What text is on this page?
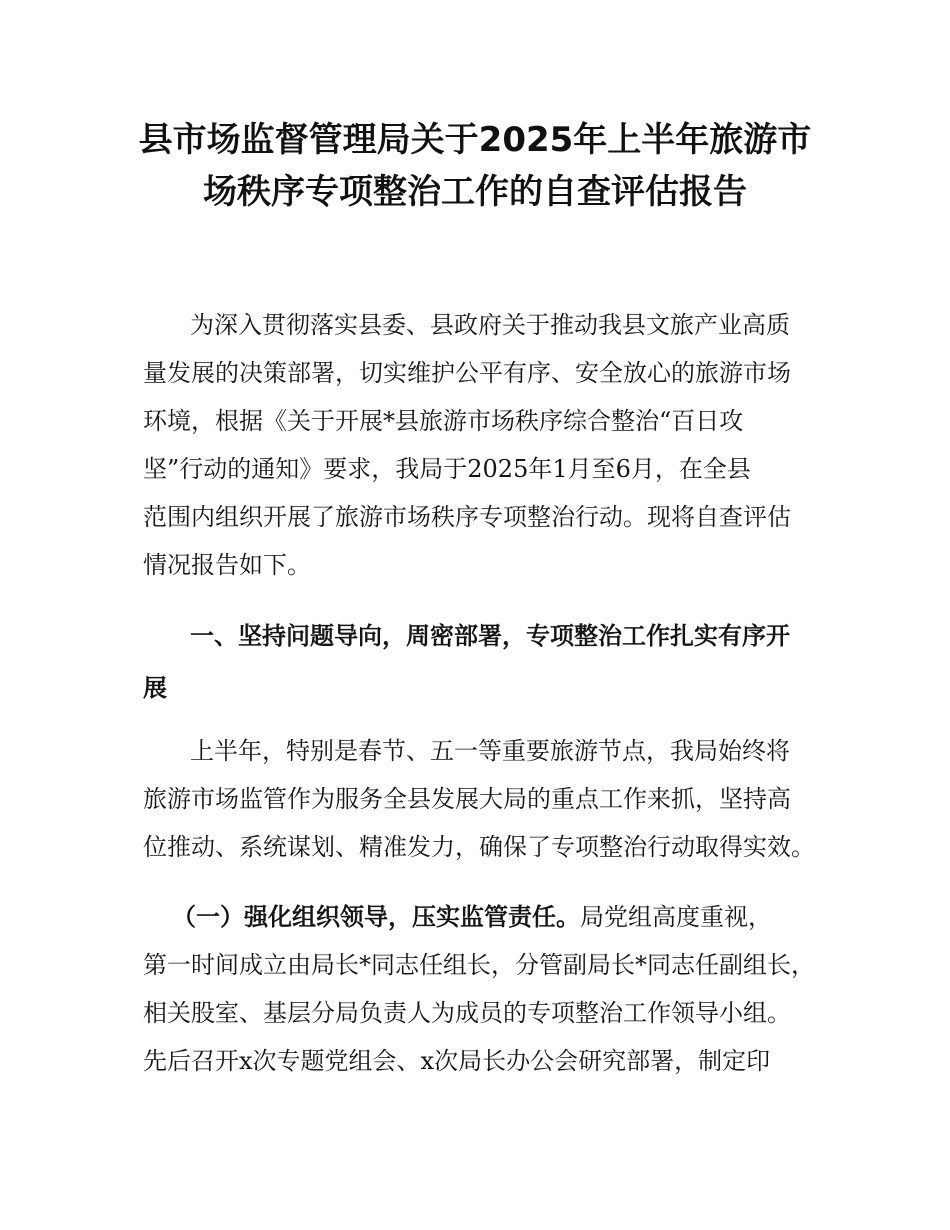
县市场监督管理局关于2025年上半年旅游市
场秩序专项整治工作的自查评估报告
为深入贯彻落实县委、县政府关于推动我县文旅产业高质
量发展的决策部署，切实维护公平有序、安全放心的旅游市场
环境，根据《关于开展*县旅游市场秩序综合整治“百日攻
坚”行动的通知》要求，我局于2025年1月至6月，在全县
范围内组织开展了旅游市场秩序专项整治行动。现将自查评估
情况报告如下。
一、坚持问题导向，周密部署，专项整治工作扎实有序开
展
上半年，特别是春节、五一等重要旅游节点，我局始终将
旅游市场监管作为服务全县发展大局的重点工作来抓，坚持高
位推动、系统谋划、精准发力，确保了专项整治行动取得实效。
（一）强化组织领导，压实监管责任。局党组高度重视，
第一时间成立由局长*同志任组长，分管副局长*同志任副组长，
相关股室、基层分局负责人为成员的专项整治工作领导小组。
先后召开x次专题党组会、x次局长办公会研究部署，制定印
